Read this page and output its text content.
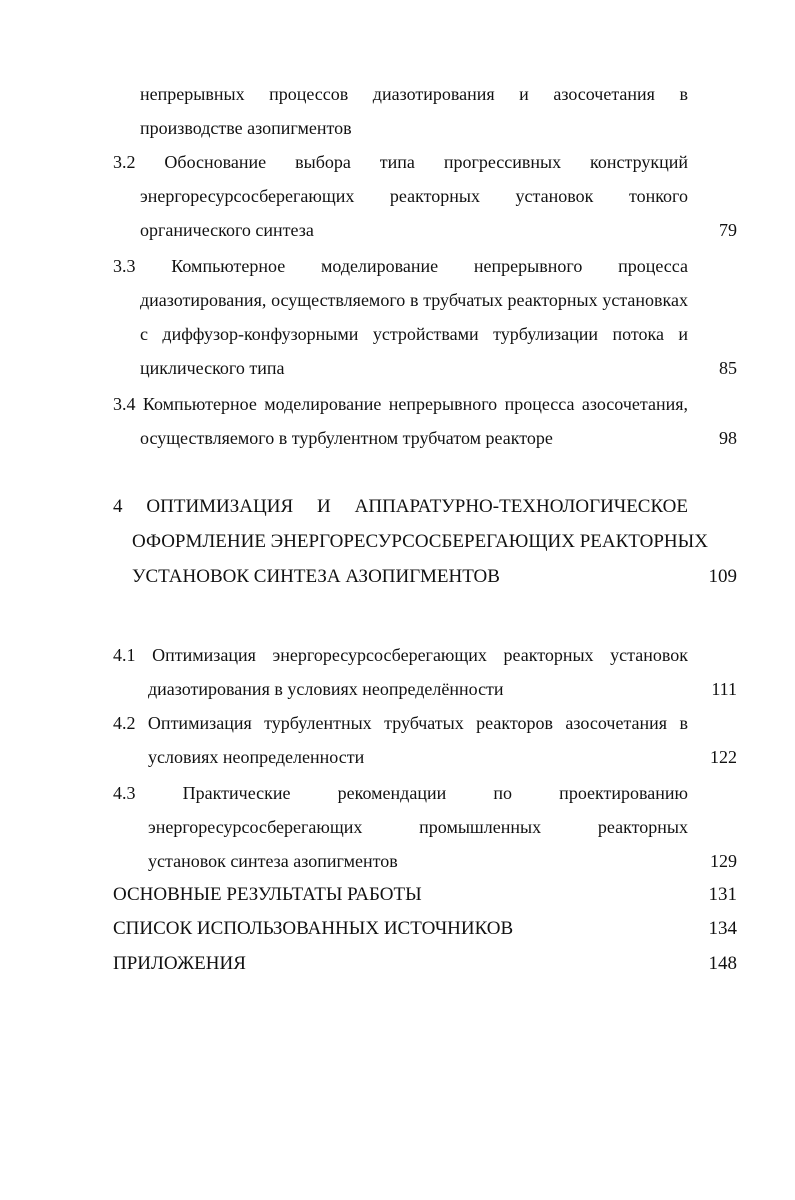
непрерывных процессов диазотирования и азосочетания в
производстве азопигментов
3.2 Обоснование выбора типа прогрессивных конструкций
энергоресурсосберегающих реакторных установок тонкого
органического синтеза	79
3.3 Компьютерное моделирование непрерывного процесса
диазотирования, осуществляемого в трубчатых реакторных установках
с диффузор-конфузорными устройствами турбулизации потока и
циклического типа	85
3.4 Компьютерное моделирование непрерывного процесса азосочетания,
осуществляемого в турбулентном трубчатом реакторе	98
4 ОПТИМИЗАЦИЯ И АППАРАТУРНО-ТЕХНОЛОГИЧЕСКОЕ
ОФОРМЛЕНИЕ ЭНЕРГОРЕСУРСОСБЕРЕГАЮЩИХ РЕАКТОРНЫХ
УСТАНОВОК СИНТЕЗА АЗОПИГМЕНТОВ	109
4.1 Оптимизация энергоресурсосберегающих реакторных установок
диазотирования в условиях неопределённости	111
4.2 Оптимизация турбулентных трубчатых реакторов азосочетания в
условиях неопределенности	122
4.3 Практические рекомендации по проектированию
энергоресурсосберегающих промышленных реакторных
установок синтеза азопигментов	129
ОСНОВНЫЕ РЕЗУЛЬТАТЫ РАБОТЫ	131
СПИСОК ИСПОЛЬЗОВАННЫХ ИСТОЧНИКОВ	134
ПРИЛОЖЕНИЯ	148
